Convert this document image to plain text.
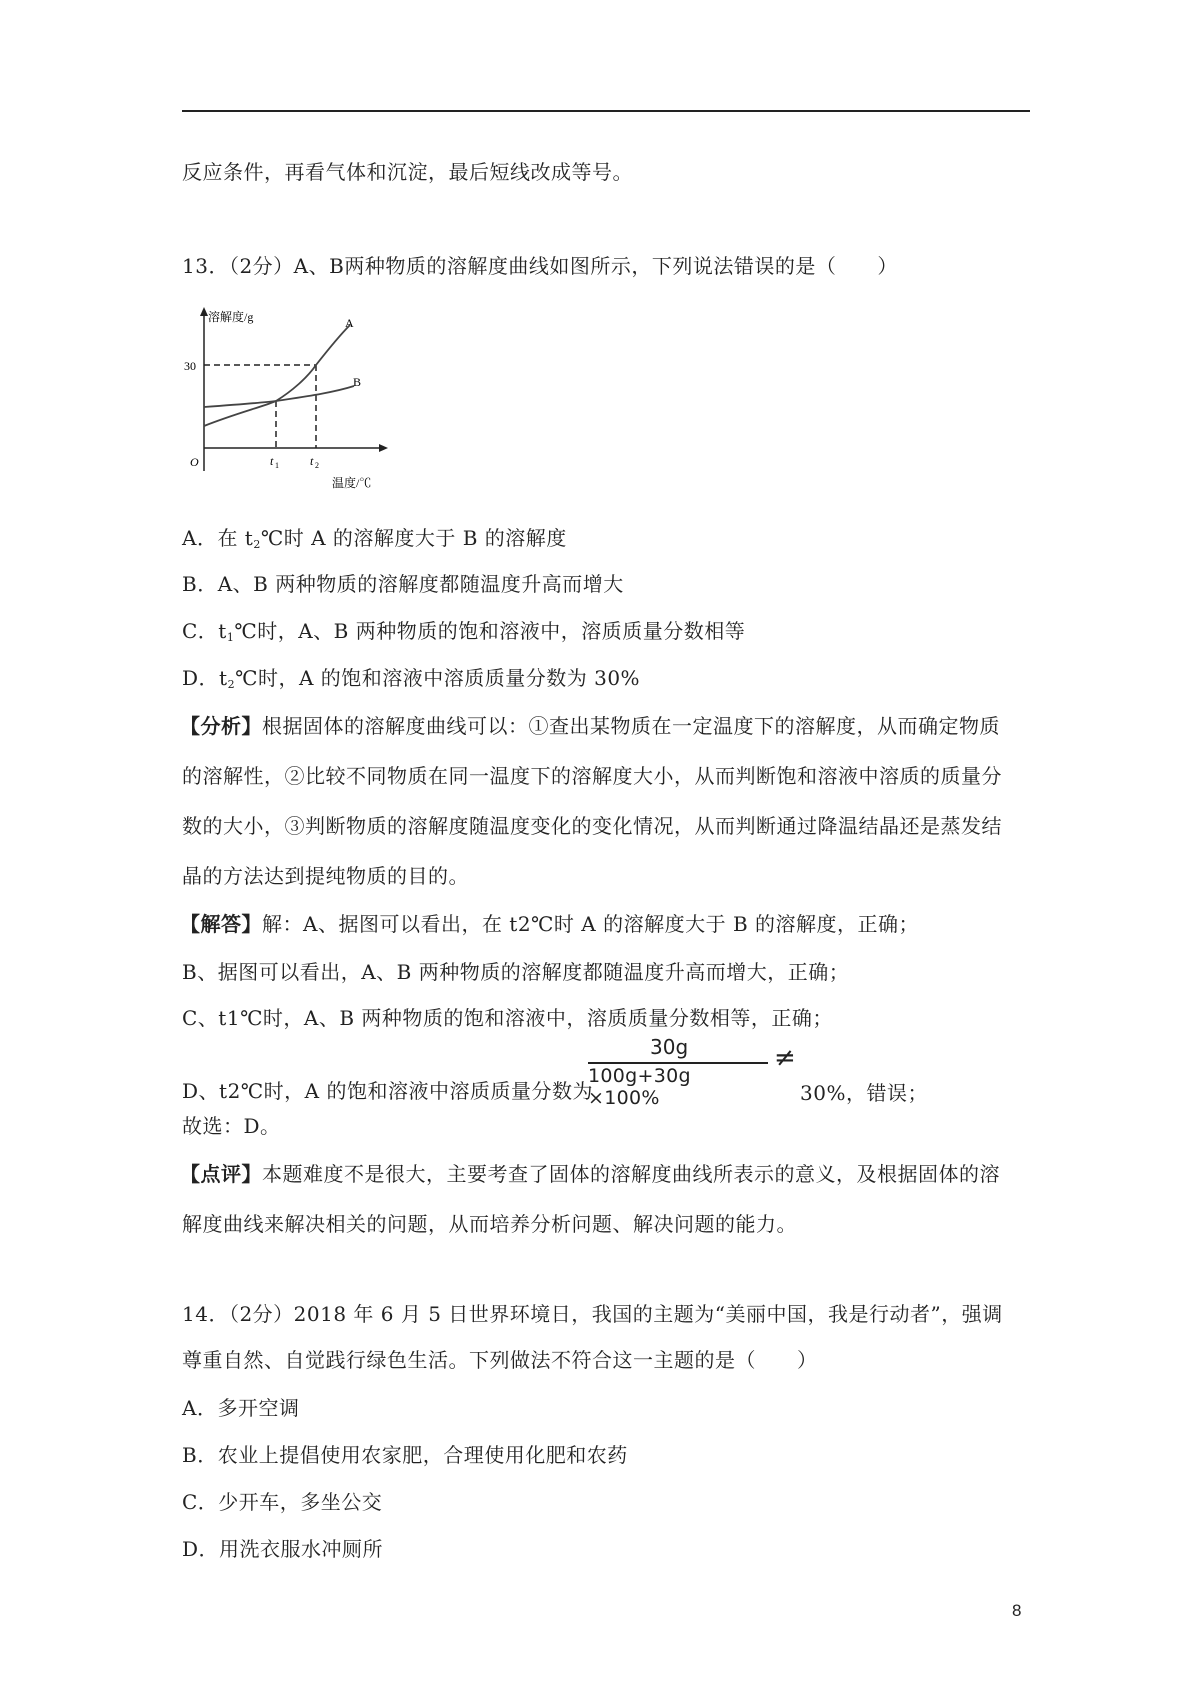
反应条件，再看气体和沉淀，最后短线改成等号。
13．（2分）A、B两种物质的溶解度曲线如图所示，下列说法错误的是（　　）
溶解度/g
30
O	t 1	t 2
温度/℃
A
B
A．在 $t_2℃$时 A 的溶解度大于 B 的溶解度
B．A、B 两种物质的溶解度都随温度升高而增大
C．$t_1℃$时，A、B 两种物质的饱和溶液中，溶质质量分数相等
D．$t_2℃$时，A 的饱和溶液中溶质质量分数为 30%
【分析】根据固体的溶解度曲线可以：①查出某物质在一定温度下的溶解度，从而确定物质
的溶解性，②比较不同物质在同一温度下的溶解度大小，从而判断饱和溶液中溶质的质量分
数的大小，③判断物质的溶解度随温度变化的变化情况，从而判断通过降温结晶还是蒸发结
晶的方法达到提纯物质的目的。
【解答】解：A、据图可以看出，在 t2℃时 A 的溶解度大于 B 的溶解度，正确；
B、据图可以看出，A、B 两种物质的溶解度都随温度升高而增大，正确；
C、t1℃时，A、B 两种物质的饱和溶液中，溶质质量分数相等，正确；
D、t2℃时，A 的饱和溶液中溶质质量分数为
30g
100g+30g ×100%
≠
30%，错误；
故选：D。
【点评】本题难度不是很大，主要考查了固体的溶解度曲线所表示的意义，及根据固体的溶
解度曲线来解决相关的问题，从而培养分析问题、解决问题的能力。
14．（2分）2018 年 6 月 5 日世界环境日，我国的主题为“美丽中国，我是行动者”，强调
尊重自然、自觉践行绿色生活。下列做法不符合这一主题的是（　　）
A．多开空调
B．农业上提倡使用农家肥，合理使用化肥和农药
C．少开车，多坐公交
D．用洗衣服水冲厕所
8
